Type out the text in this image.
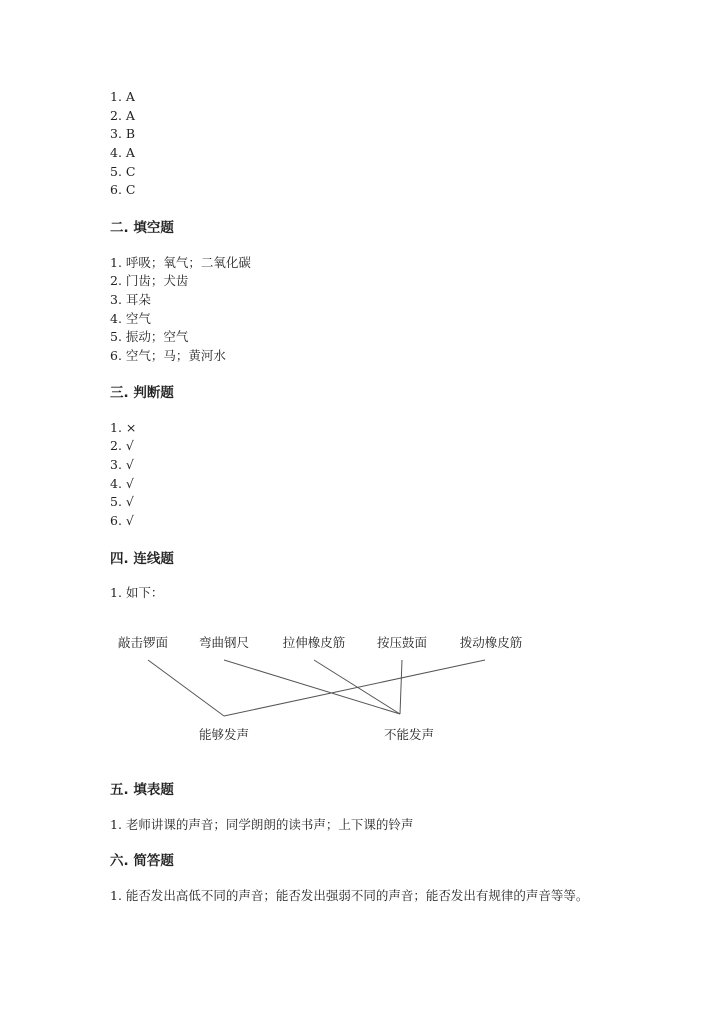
1. A
2. A
3. B
4. A
5. C
6. C
二. 填空题
1. 呼吸；氧气；二氧化碳
2. 门齿；犬齿
3. 耳朵
4. 空气
5. 振动；空气
6. 空气；马；黄河水
三. 判断题
1. ×
2. √
3. √
4. √
5. √
6. √
四. 连线题
1. 如下：
敲击锣面 弯曲钢尺	拉伸橡皮筋	按压鼓面	拨动橡皮筋
能够发声	不能发声
五. 填表题
1. 老师讲课的声音；同学朗朗的读书声；上下课的铃声
六. 简答题
1. 能否发出高低不同的声音；能否发出强弱不同的声音；能否发出有规律的声音等等。
